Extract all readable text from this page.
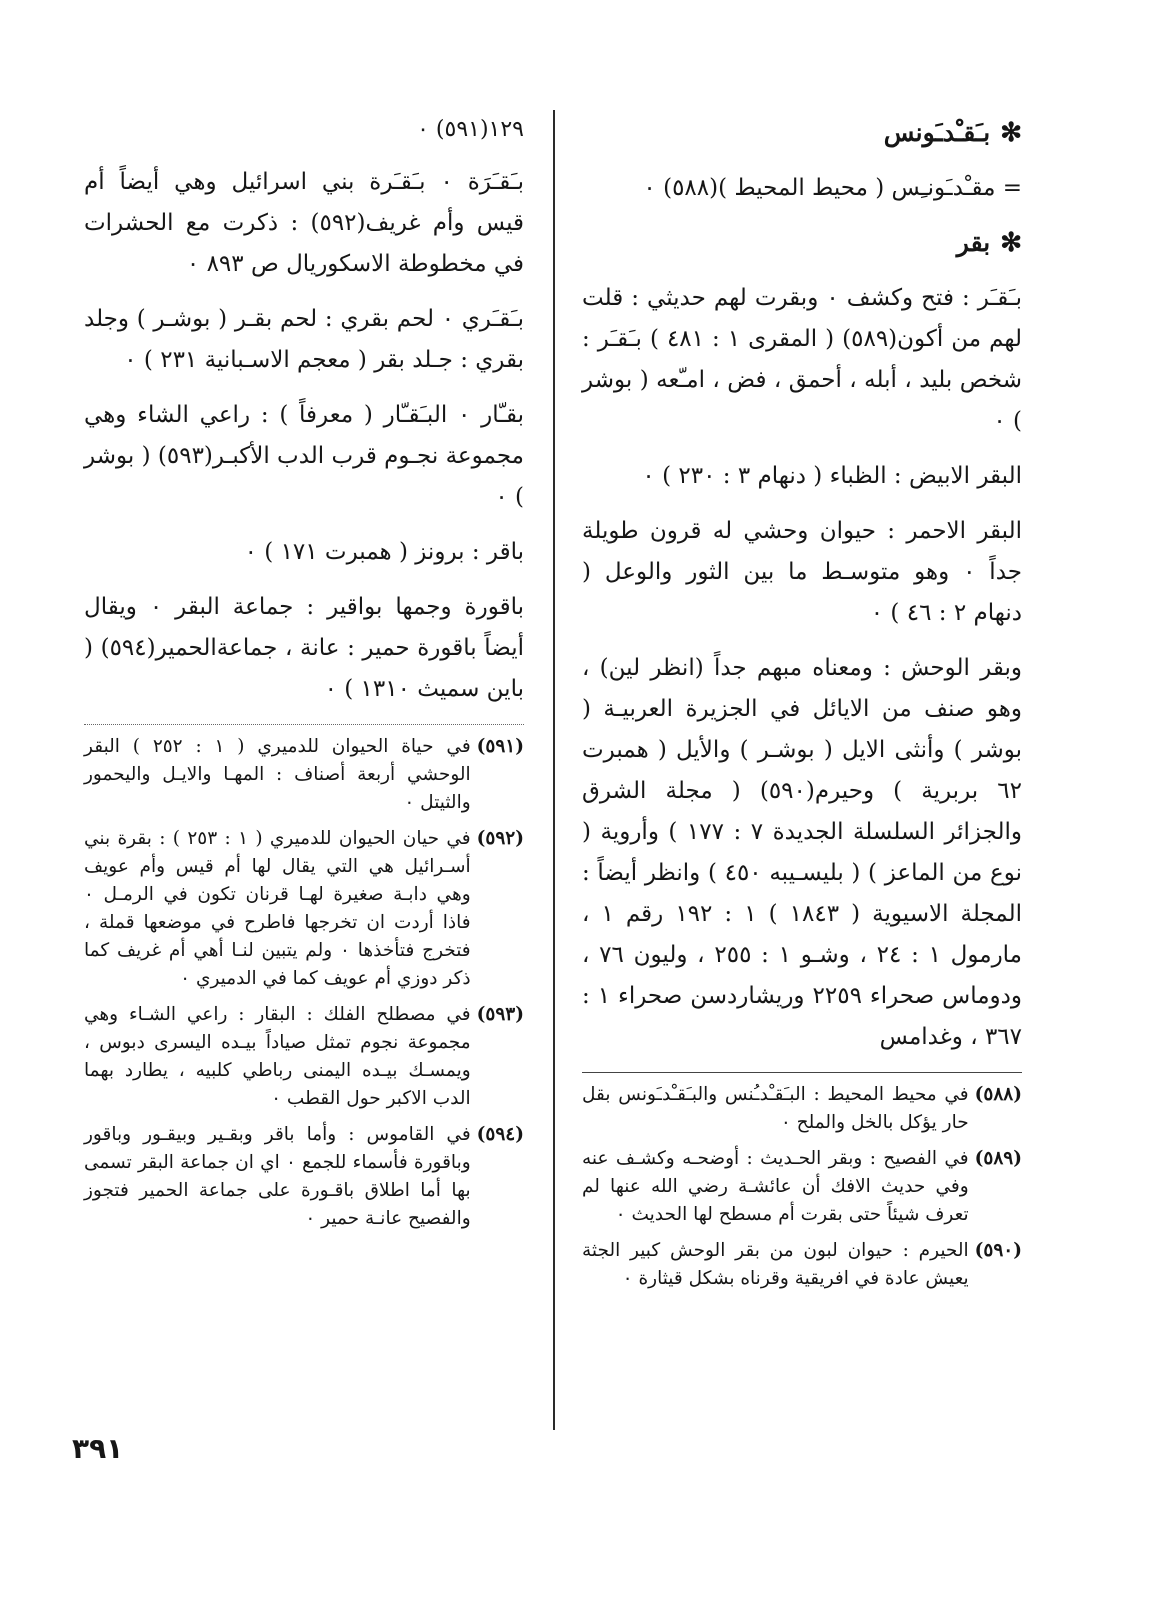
✻بـَقـْدـَونس

= مقـْدـَونـِس ( محيط المحيط )(٥٨٨) ٠

✻بقر

بـَقـَر : فتح وكشف ٠ وبقرت لهم حديثي : قلت لهم من أكون(٥٨٩) ( المقرى ١ : ٤٨١ ) بـَقـَر : شخص بليد ، أبله ، أحمق ، فض ، امـّعه ( بوشر ) ٠

البقر الابيض : الظباء ( دنهام ٣ : ٢٣٠ ) ٠

البقر الاحمر : حيوان وحشي له قرون طويلة جداً ٠ وهو متوسـط ما بين الثور والوعل ( دنهام ٢ : ٤٦ ) ٠

وبقر الوحش : ومعناه مبهم جداً (انظر لين) ، وهو صنف من الايائل في الجزيرة العربيـة ( بوشر ) وأنثى الايل ( بوشـر ) والأيل ( همبرت ٦٢ بربرية ) وحيرم(٥٩٠) ( مجلة الشرق والجزائر السلسلة الجديدة ٧ : ١٧٧ ) وأروية ( نوع من الماعز ) ( بليسـيبه ٤٥٠ ) وانظر أيضاً : المجلة الاسيوية ( ١٨٤٣ ) ١ : ١٩٢ رقم ١ ، مارمول ١ : ٢٤ ، وشـو ١ : ٢٥٥ ، وليون ٧٦ ، ودوماس صحراء ٢٢٥٩ وريشاردسن صحراء ١ : ٣٦٧ ، وغدامس

(٥٨٨)
في محيط المحيط : البـَقـْدـُنس والبـَقـْدـَونس بقل حار يؤكل بالخل والملح ٠
(٥٨٩)
في الفصيح : وبقر الحـديث : أوضحـه وكشـف عنه وفي حديث الافك أن عائشـة رضي الله عنها لم تعرف شيئاً حتى بقرت أم مسطح لها الحديث ٠
(٥٩٠)
الحيرم : حيوان لبون من بقر الوحش كبير الجثة يعيش عادة في افريقية وقرناه بشكل قيثارة ٠

١٢٩(٥٩١) ٠

بـَقـَرَة ٠ بـَقـَرة بني اسرائيل وهي أيضاً أم قيس وأم غريف(٥٩٢) : ذكرت مع الحشرات في مخطوطة الاسكوريال ص ٨٩٣ ٠

بـَقـَري ٠ لحم بقري : لحم بقـر ( بوشـر ) وجلد بقري : جـلد بقر ( معجم الاسـبانية ٢٣١ ) ٠

بقـّار ٠ البـَقـّار ( معرفاً ) : راعي الشاء وهي مجموعة نجـوم قرب الدب الأكبـر(٥٩٣) ( بوشر ) ٠

باقر : برونز ( همبرت ١٧١ ) ٠

باقورة وجمها بواقير : جماعة البقر ٠ ويقال أيضاً باقورة حمير : عانة ، جماعةالحمير(٥٩٤) ( باين سميث ١٣١٠ ) ٠

(٥٩١)
في حياة الحيوان للدميري ( ١ : ٢٥٢ ) البقر الوحشي أربعة أصناف : المهـا والايـل واليحمور والثيتل ٠
(٥٩٢)
في حيان الحيوان للدميري ( ١ : ٢٥٣ ) : بقرة بني أسـرائيل هي التي يقال لها أم قيس وأم عويف وهي دابـة صغيرة لهـا قرنان تكون في الرمـل ٠ فاذا أردت ان تخرجها فاطرح في موضعها قملة ، فتخرج فتأخذها ٠ ولم يتبين لنـا أهي أم غريف كما ذكر دوزي أم عويف كما في الدميري ٠
(٥٩٣)
في مصطلح الفلك : البقار : راعي الشـاء وهي مجموعة نجوم تمثل صياداً بيـده اليسرى دبوس ، ويمسـك بيـده اليمنى رباطي كلبيه ، يطارد بهما الدب الاكبر حول القطب ٠
(٥٩٤)
في القاموس : وأما باقر وبقـير وبيقـور وباقور وباقورة فأسماء للجمع ٠ اي ان جماعة البقر تسمى بها أما اطلاق باقـورة على جماعة الحمير فتجوز والفصيح عانـة حمير ٠
٣٩١
